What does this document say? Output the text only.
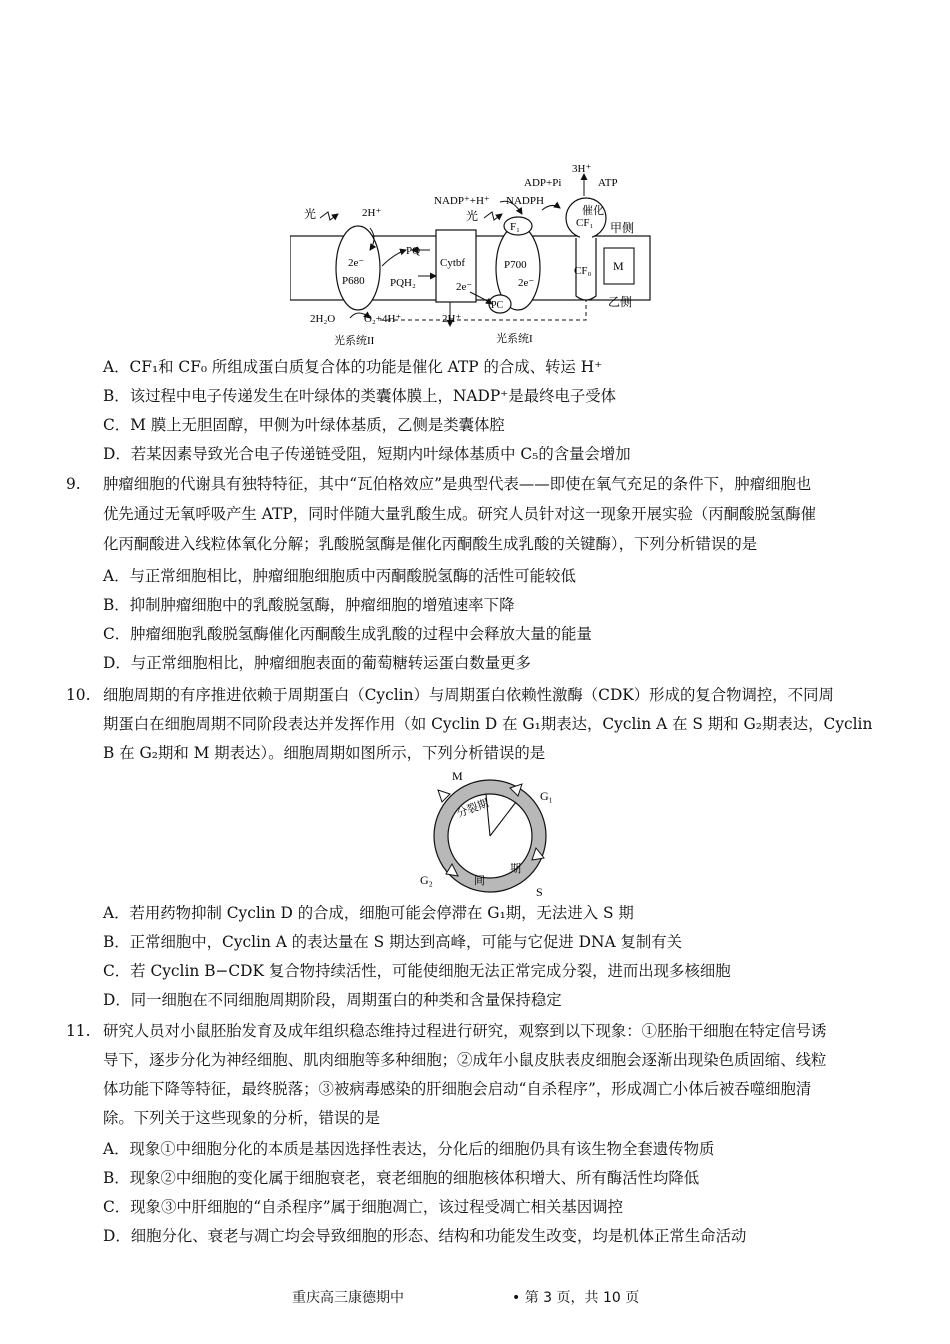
光	光
2H⁺
NADP⁺+H⁺ NADPH
ADP+Pi	ATP
3H⁺
催化
F₁	CF₁ 甲侧
乙侧
2e⁻
P680
PQ
PQH₂
Cytbf
2e⁻
P700
2e⁻
PC
CF₀ M
2H₂O	O₂+4H⁺	2H⁺
光系统II	光系统I
A．CF₁和 CF₀ 所组成蛋白质复合体的功能是催化 ATP 的合成、转运 H⁺
B．该过程中电子传递发生在叶绿体的类囊体膜上，NADP⁺是最终电子受体
C．M 膜上无胆固醇，甲侧为叶绿体基质，乙侧是类囊体腔
D．若某因素导致光合电子传递链受阻，短期内叶绿体基质中 C₅的含量会增加
9. 肿瘤细胞的代谢具有独特特征，其中“瓦伯格效应”是典型代表——即使在氧气充足的条件下，肿瘤细胞也
优先通过无氧呼吸产生 ATP，同时伴随大量乳酸生成。研究人员针对这一现象开展实验（丙酮酸脱氢酶催
化丙酮酸进入线粒体氧化分解；乳酸脱氢酶是催化丙酮酸生成乳酸的关键酶），下列分析错误的是
A．与正常细胞相比，肿瘤细胞细胞质中丙酮酸脱氢酶的活性可能较低
B．抑制肿瘤细胞中的乳酸脱氢酶，肿瘤细胞的增殖速率下降
C．肿瘤细胞乳酸脱氢酶催化丙酮酸生成乳酸的过程中会释放大量的能量
D．与正常细胞相比，肿瘤细胞表面的葡萄糖转运蛋白数量更多
10. 细胞周期的有序推进依赖于周期蛋白（Cyclin）与周期蛋白依赖性激酶（CDK）形成的复合物调控，不同周
期蛋白在细胞周期不同阶段表达并发挥作用（如 Cyclin D 在 G₁期表达，Cyclin A 在 S 期和 G₂期表达，Cyclin
B 在 G₂期和 M 期表达）。细胞周期如图所示，下列分析错误的是
M
G₁
G₂
S
分裂期
间
期
A．若用药物抑制 Cyclin D 的合成，细胞可能会停滞在 G₁期，无法进入 S 期
B．正常细胞中，Cyclin A 的表达量在 S 期达到高峰，可能与它促进 DNA 复制有关
C．若 Cyclin B−CDK 复合物持续活性，可能使细胞无法正常完成分裂，进而出现多核细胞
D．同一细胞在不同细胞周期阶段，周期蛋白的种类和含量保持稳定
11. 研究人员对小鼠胚胎发育及成年组织稳态维持过程进行研究，观察到以下现象：①胚胎干细胞在特定信号诱
导下，逐步分化为神经细胞、肌肉细胞等多种细胞；②成年小鼠皮肤表皮细胞会逐渐出现染色质固缩、线粒
体功能下降等特征，最终脱落；③被病毒感染的肝细胞会启动“自杀程序”，形成凋亡小体后被吞噬细胞清
除。下列关于这些现象的分析，错误的是
A．现象①中细胞分化的本质是基因选择性表达，分化后的细胞仍具有该生物全套遗传物质
B．现象②中细胞的变化属于细胞衰老，衰老细胞的细胞核体积增大、所有酶活性均降低
C．现象③中肝细胞的“自杀程序”属于细胞凋亡，该过程受凋亡相关基因调控
D．细胞分化、衰老与凋亡均会导致细胞的形态、结构和功能发生改变，均是机体正常生命活动
重庆高三康德期中	• 第 3 页，共 10 页
